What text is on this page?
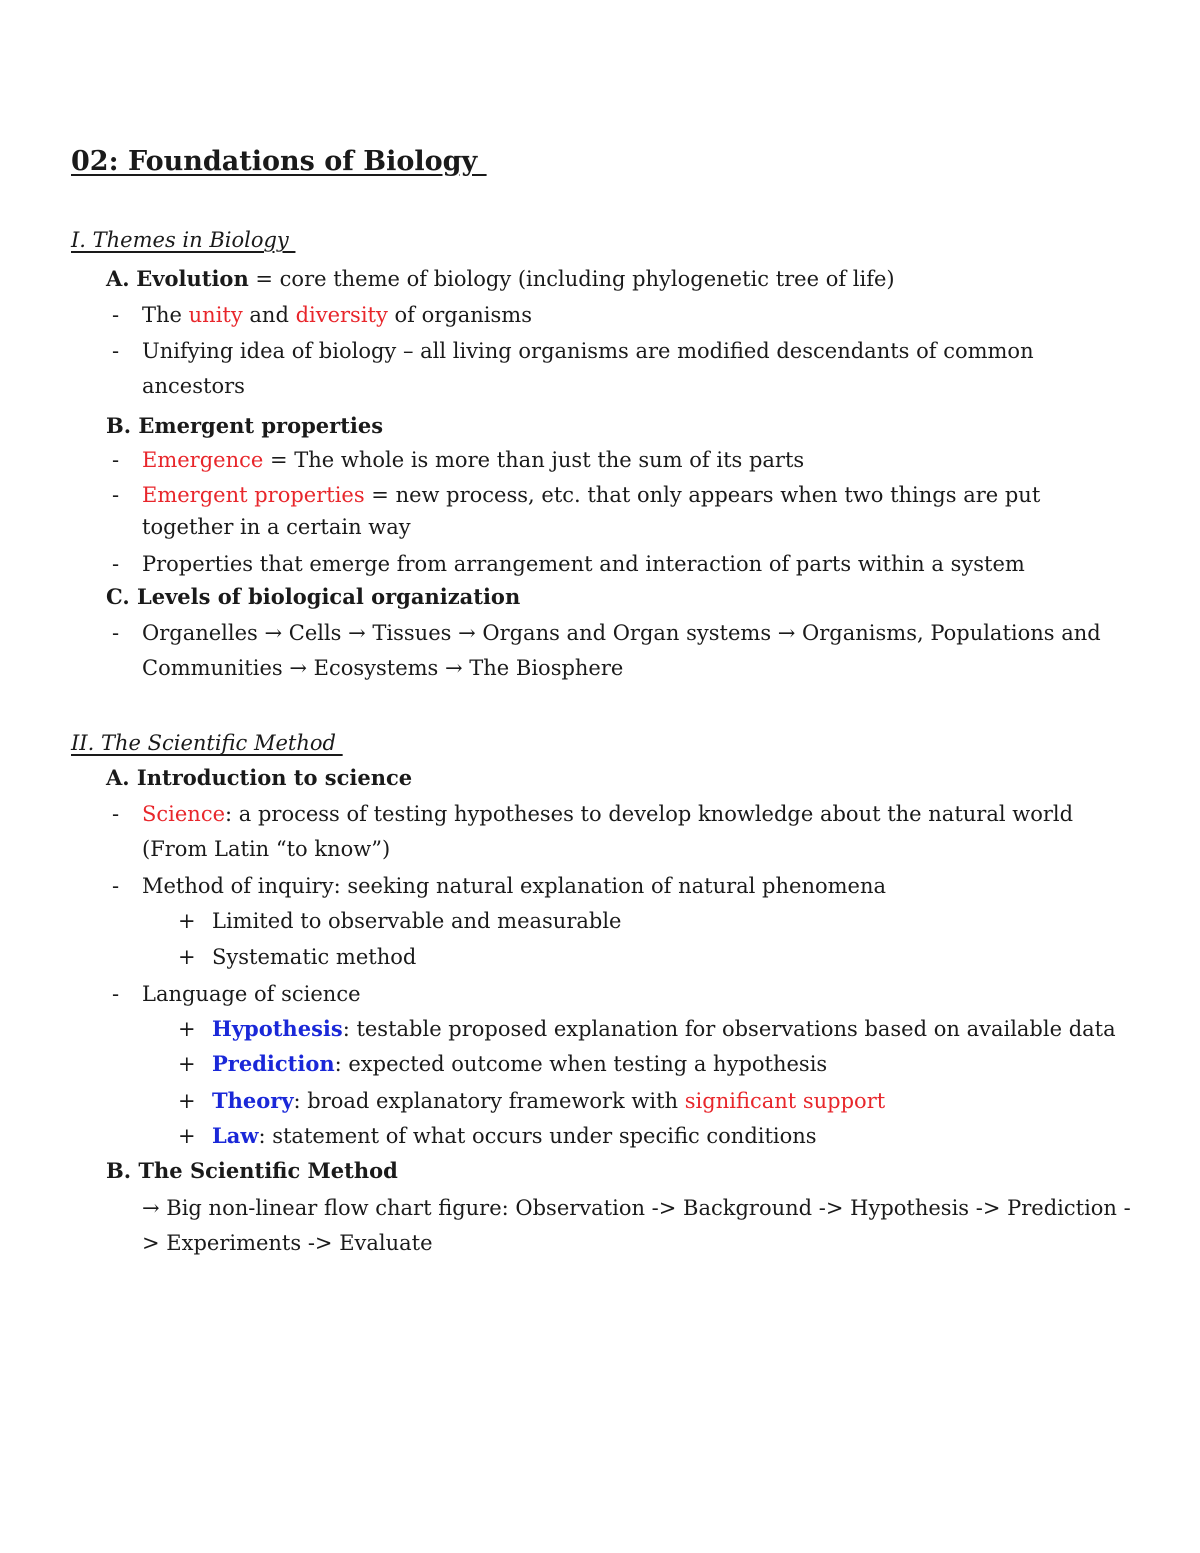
02: Foundations of Biology
I. Themes in Biology
A. Evolution = core theme of biology (including phylogenetic tree of life)
- The unity and diversity of organisms
- Unifying idea of biology – all living organisms are modified descendants of common
ancestors
B. Emergent properties
- Emergence = The whole is more than just the sum of its parts
- Emergent properties = new process, etc. that only appears when two things are put
together in a certain way
- Properties that emerge from arrangement and interaction of parts within a system
C. Levels of biological organization
- Organelles → Cells → Tissues → Organs and Organ systems → Organisms, Populations and
Communities → Ecosystems → The Biosphere
II. The Scientific Method
A. Introduction to science
- Science: a process of testing hypotheses to develop knowledge about the natural world
(From Latin “to know”)
- Method of inquiry: seeking natural explanation of natural phenomena
+ Limited to observable and measurable
+ Systematic method
- Language of science
+ Hypothesis: testable proposed explanation for observations based on available data
+ Prediction: expected outcome when testing a hypothesis
+ Theory: broad explanatory framework with significant support
+ Law: statement of what occurs under specific conditions
B. The Scientific Method
→ Big non-linear flow chart figure: Observation -> Background -> Hypothesis -> Prediction -
> Experiments -> Evaluate
